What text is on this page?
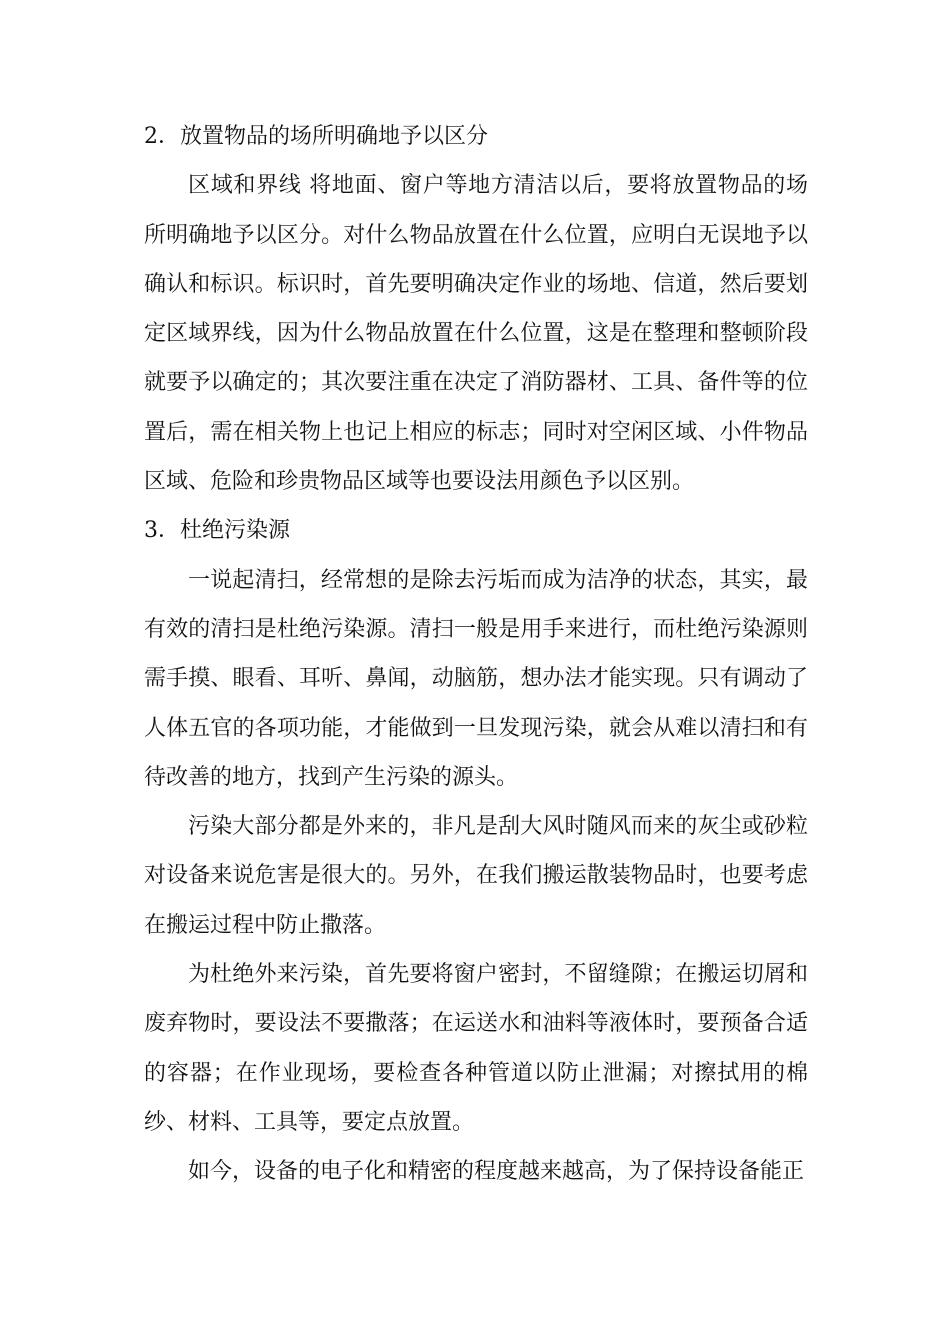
2．放置物品的场所明确地予以区分

区域和界线 将地面、窗户等地方清洁以后，要将放置物品的场所明确地予以区分。对什么物品放置在什么位置，应明白无误地予以确认和标识。标识时，首先要明确决定作业的场地、信道，然后要划定区域界线，因为什么物品放置在什么位置，这是在整理和整顿阶段就要予以确定的；其次要注重在决定了消防器材、工具、备件等的位置后，需在相关物上也记上相应的标志；同时对空闲区域、小件物品区域、危险和珍贵物品区域等也要设法用颜色予以区别。

3．杜绝污染源

一说起清扫，经常想的是除去污垢而成为洁净的状态，其实，最有效的清扫是杜绝污染源。清扫一般是用手来进行，而杜绝污染源则需手摸、眼看、耳听、鼻闻，动脑筋，想办法才能实现。只有调动了人体五官的各项功能，才能做到一旦发现污染，就会从难以清扫和有待改善的地方，找到产生污染的源头。

污染大部分都是外来的，非凡是刮大风时随风而来的灰尘或砂粒对设备来说危害是很大的。另外，在我们搬运散装物品时，也要考虑在搬运过程中防止撒落。

为杜绝外来污染，首先要将窗户密封，不留缝隙；在搬运切屑和废弃物时，要设法不要撒落；在运送水和油料等液体时，要预备合适的容器；在作业现场，要检查各种管道以防止泄漏；对擦拭用的棉纱、材料、工具等，要定点放置。

如今，设备的电子化和精密的程度越来越高，为了保持设备能正
